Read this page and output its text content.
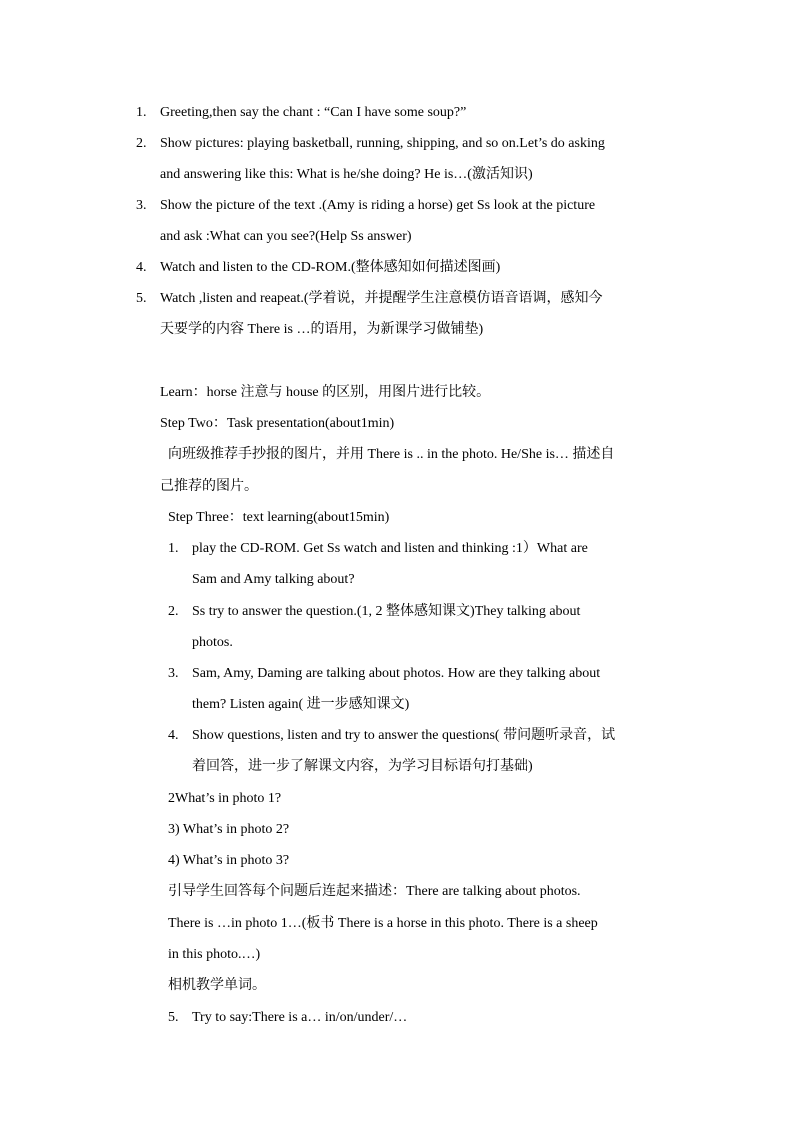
1. Greeting,then say the chant : “Can I have some soup?”
2. Show pictures: playing basketball, running, shipping, and so on.Let’s do asking
and answering like this: What is he/she doing? He is…(激活知识)
3. Show the picture of the text .(Amy is riding a horse) get Ss look at the picture
and ask :What can you see?(Help Ss answer)
4. Watch and listen to the CD-ROM.(整体感知如何描述图画)
5. Watch ,listen and reapeat.(学着说，并提醒学生注意模仿语音语调，感知今
天要学的内容 There is …的语用，为新课学习做铺垫)
Learn：horse 注意与 house 的区别，用图片进行比较。
Step Two：Task presentation(about1min)
向班级推荐手抄报的图片，并用 There is .. in the photo. He/She is… 描述自
己推荐的图片。
Step Three：text learning(about15min)
1. play the CD-ROM. Get Ss watch and listen and thinking :1）What are
Sam and Amy talking about?
2. Ss try to answer the question.(1, 2 整体感知课文)They talking about
photos.
3. Sam, Amy, Daming are talking about photos. How are they talking about
them? Listen again( 进一步感知课文)
4. Show questions, listen and try to answer the questions( 带问题听录音，试
着回答，进一步了解课文内容，为学习目标语句打基础)
2What’s in photo 1?
3) What’s in photo 2?
4) What’s in photo 3?
引导学生回答每个问题后连起来描述：There are talking about photos.
There is …in photo 1…(板书 There is a horse in this photo. There is a sheep
in this photo.…)
相机教学单词。
5. Try to say:There is a… in/on/under/…
